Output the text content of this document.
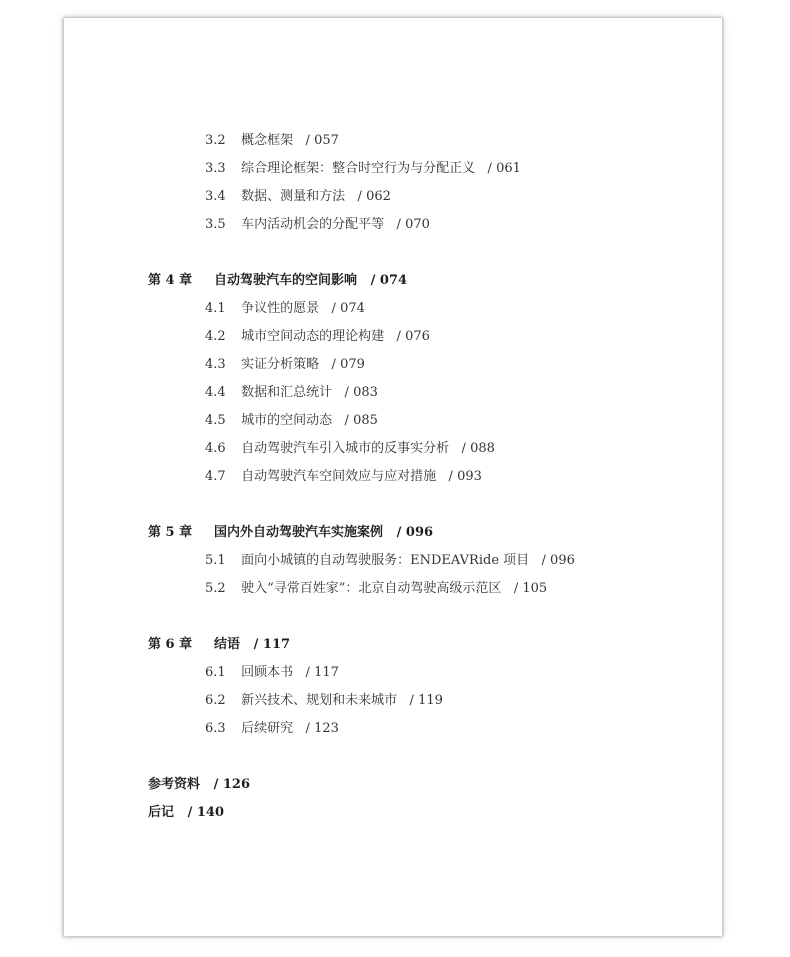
3.2 概念框架   / 057
3.3 综合理论框架：整合时空行为与分配正义   / 061
3.4 数据、测量和方法   / 062
3.5 车内活动机会的分配平等   / 070
第 4 章  自动驾驶汽车的空间影响   / 074
4.1 争议性的愿景   / 074
4.2 城市空间动态的理论构建   / 076
4.3 实证分析策略   / 079
4.4 数据和汇总统计   / 083
4.5 城市的空间动态   / 085
4.6 自动驾驶汽车引入城市的反事实分析   / 088
4.7 自动驾驶汽车空间效应与应对措施   / 093
第 5 章  国内外自动驾驶汽车实施案例   / 096
5.1 面向小城镇的自动驾驶服务：ENDEAVRide 项目   / 096
5.2 驶入“寻常百姓家”：北京自动驾驶高级示范区   / 105
第 6 章  结语   / 117
6.1 回顾本书   / 117
6.2 新兴技术、规划和未来城市   / 119
6.3 后续研究   / 123
参考资料   / 126
后记   / 140
